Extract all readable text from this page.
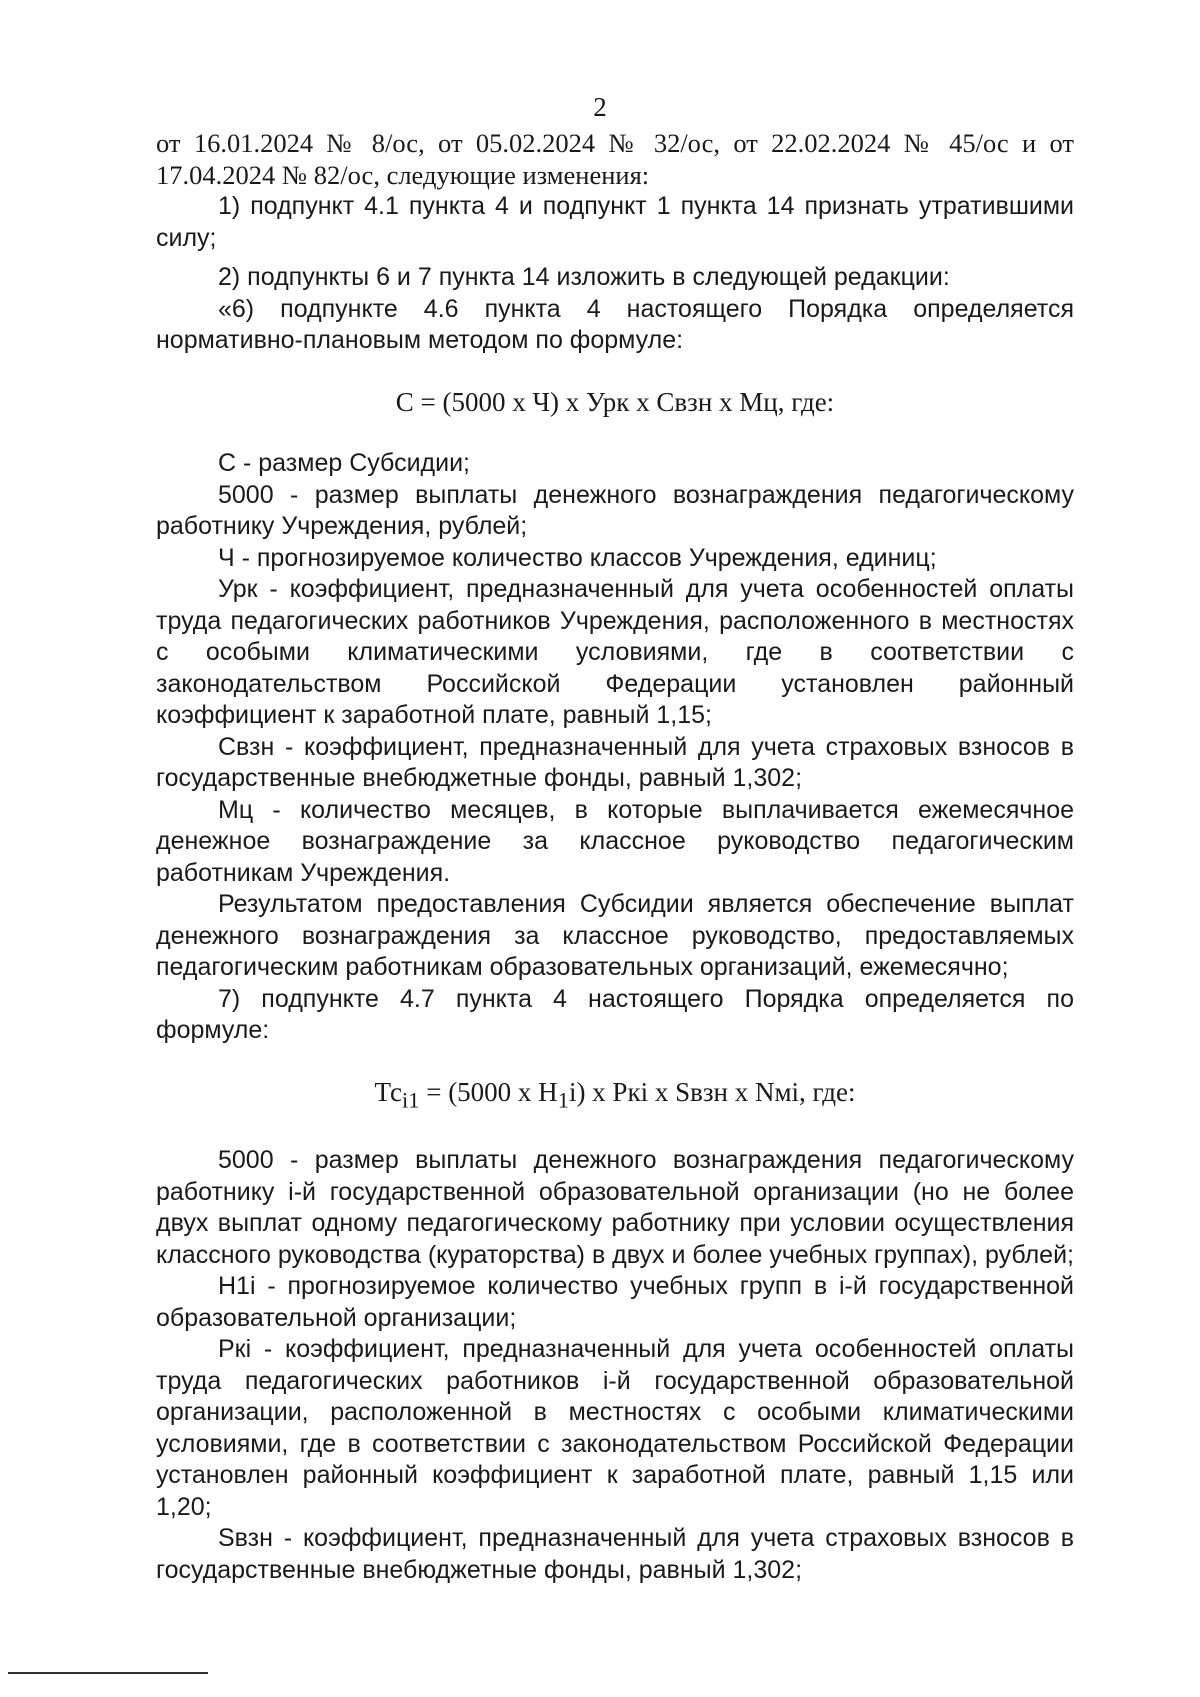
2

от 16.01.2024 № 8/ос, от 05.02.2024 № 32/ос, от 22.02.2024 № 45/ос и от 17.04.2024 № 82/ос, следующие изменения:

1) подпункт 4.1 пункта 4 и подпункт 1 пункта 14 признать утратившими силу;

2) подпункты 6 и 7 пункта 14 изложить в следующей редакции:

«6) подпункте 4.6 пункта 4 настоящего Порядка определяется нормативно-плановым методом по формуле:

C = (5000 х Ч) х Урк х Свзн х Мц, где:

С - размер Субсидии;

5000 - размер выплаты денежного вознаграждения педагогическому работнику Учреждения, рублей;

Ч - прогнозируемое количество классов Учреждения, единиц;

Урк - коэффициент, предназначенный для учета особенностей оплаты труда педагогических работников Учреждения, расположенного в местностях с особыми климатическими условиями, где в соответствии с законодательством Российской Федерации установлен районный коэффициент к заработной плате, равный 1,15;

Свзн - коэффициент, предназначенный для учета страховых взносов в государственные внебюджетные фонды, равный 1,302;

Мц - количество месяцев, в которые выплачивается ежемесячное денежное вознаграждение за классное руководство педагогическим работникам Учреждения.

Результатом предоставления Субсидии является обеспечение выплат денежного вознаграждения за классное руководство, предоставляемых педагогическим работникам образовательных организаций, ежемесячно;

7) подпункте 4.7 пункта 4 настоящего Порядка определяется по формуле:

$Тс_{i1} = (5000$ х $H_1i$) х Pкi х Sвзн х Nмi, где:

5000 - размер выплаты денежного вознаграждения педагогическому работнику i-й государственной образовательной организации (но не более двух выплат одному педагогическому работнику при условии осуществления классного руководства (кураторства) в двух и более учебных группах), рублей;

H1i - прогнозируемое количество учебных групп в i-й государственной образовательной организации;

Pкi - коэффициент, предназначенный для учета особенностей оплаты труда педагогических работников i-й государственной образовательной организации, расположенной в местностях с особыми климатическими условиями, где в соответствии с законодательством Российской Федерации установлен районный коэффициент к заработной плате, равный 1,15 или 1,20;

Sвзн - коэффициент, предназначенный для учета страховых взносов в государственные внебюджетные фонды, равный 1,302;
